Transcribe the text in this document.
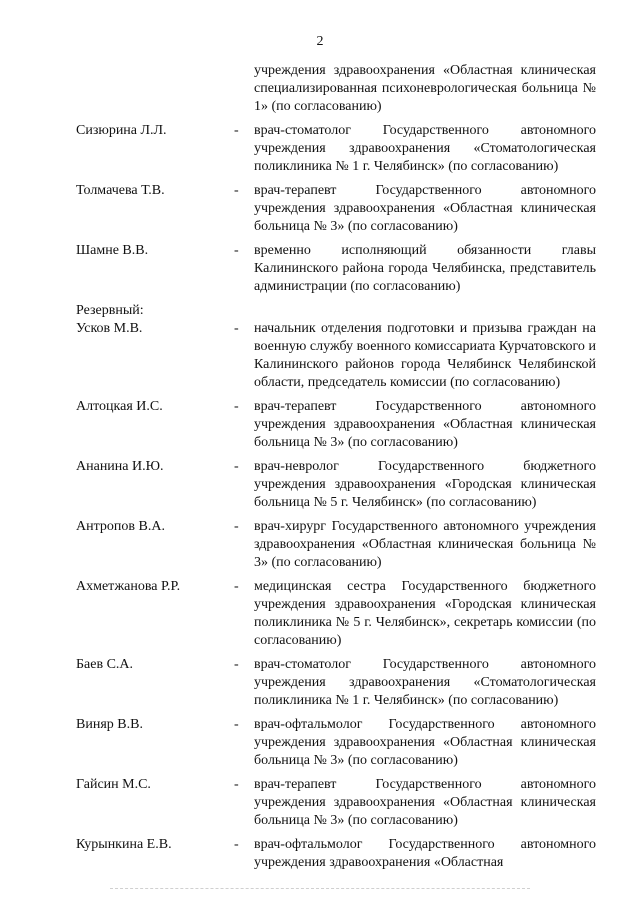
2
учреждения здравоохранения «Областная клиническая специализированная психоневрологическая больница № 1» (по согласованию)
Сизюрина Л.Л.	-	врач-стоматолог Государственного автономного учреждения здравоохранения «Стоматологическая поликлиника № 1 г. Челябинск» (по согласованию)
Толмачева Т.В.	-	врач-терапевт Государственного автономного учреждения здравоохранения «Областная клиническая больница № 3» (по согласованию)
Шамне В.В.	-	временно исполняющий обязанности главы Калининского района города Челябинска, представитель администрации (по согласованию)
Резервный:
Усков М.В.	-	начальник отделения подготовки и призыва граждан на военную службу военного комиссариата Курчатовского и Калининского районов города Челябинск Челябинской области, председатель комиссии (по согласованию)
Алтоцкая И.С.	-	врач-терапевт Государственного автономного учреждения здравоохранения «Областная клиническая больница № 3» (по согласованию)
Ананина И.Ю.	-	врач-невролог Государственного бюджетного учреждения здравоохранения «Городская клиническая больница № 5 г. Челябинск» (по согласованию)
Антропов В.А.	-	врач-хирург Государственного автономного учреждения здравоохранения «Областная клиническая больница № 3» (по согласованию)
Ахметжанова Р.Р.	-	медицинская сестра Государственного бюджетного учреждения здравоохранения «Городская клиническая поликлиника № 5 г. Челябинск», секретарь комиссии (по согласованию)
Баев С.А.	-	врач-стоматолог Государственного автономного учреждения здравоохранения «Стоматологическая поликлиника № 1 г. Челябинск» (по согласованию)
Виняр В.В.	-	врач-офтальмолог Государственного автономного учреждения здравоохранения «Областная клиническая больница № 3» (по согласованию)
Гайсин М.С.	-	врач-терапевт Государственного автономного учреждения здравоохранения «Областная клиническая больница № 3» (по согласованию)
Курынкина Е.В.	-	врач-офтальмолог Государственного автономного учреждения здравоохранения «Областная
